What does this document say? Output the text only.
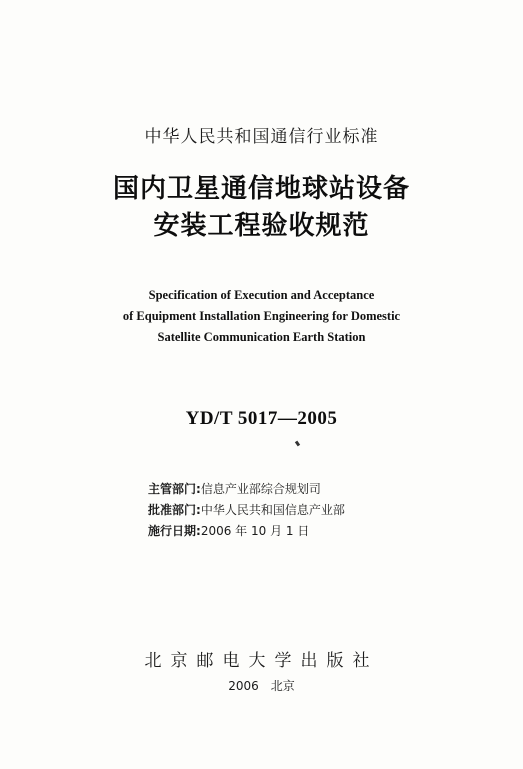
中华人民共和国通信行业标准
国内卫星通信地球站设备
安装工程验收规范
Specification of Execution and Acceptance
of Equipment Installation Engineering for Domestic
Satellite Communication Earth Station
YD/T 5017—2005
主管部门:信息产业部综合规划司
批准部门:中华人民共和国信息产业部
施行日期:2006 年 10 月 1 日
北京邮电大学出版社
2006 北京
